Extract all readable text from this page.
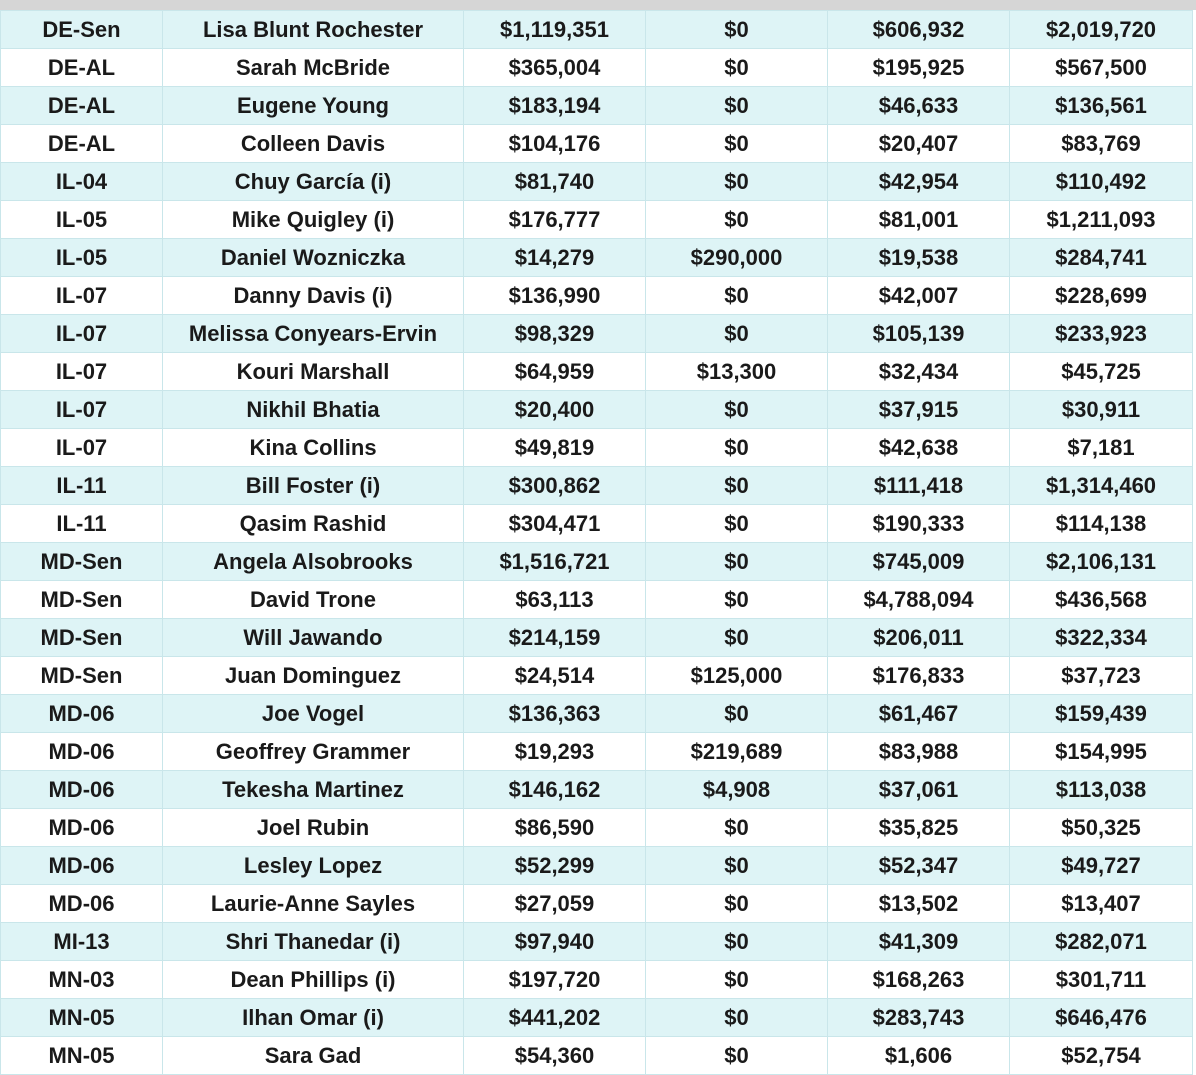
DE-Sen	Lisa Blunt Rochester	$1,119,351	$0	$606,932	$2,019,720
DE-AL	Sarah McBride	$365,004	$0	$195,925	$567,500
DE-AL	Eugene Young	$183,194	$0	$46,633	$136,561
DE-AL	Colleen Davis	$104,176	$0	$20,407	$83,769
IL-04	Chuy García (i)	$81,740	$0	$42,954	$110,492
IL-05	Mike Quigley (i)	$176,777	$0	$81,001	$1,211,093
IL-05	Daniel Wozniczka	$14,279	$290,000	$19,538	$284,741
IL-07	Danny Davis (i)	$136,990	$0	$42,007	$228,699
IL-07	Melissa Conyears-Ervin	$98,329	$0	$105,139	$233,923
IL-07	Kouri Marshall	$64,959	$13,300	$32,434	$45,725
IL-07	Nikhil Bhatia	$20,400	$0	$37,915	$30,911
IL-07	Kina Collins	$49,819	$0	$42,638	$7,181
IL-11	Bill Foster (i)	$300,862	$0	$111,418	$1,314,460
IL-11	Qasim Rashid	$304,471	$0	$190,333	$114,138
MD-Sen	Angela Alsobrooks	$1,516,721	$0	$745,009	$2,106,131
MD-Sen	David Trone	$63,113	$0	$4,788,094	$436,568
MD-Sen	Will Jawando	$214,159	$0	$206,011	$322,334
MD-Sen	Juan Dominguez	$24,514	$125,000	$176,833	$37,723
MD-06	Joe Vogel	$136,363	$0	$61,467	$159,439
MD-06	Geoffrey Grammer	$19,293	$219,689	$83,988	$154,995
MD-06	Tekesha Martinez	$146,162	$4,908	$37,061	$113,038
MD-06	Joel Rubin	$86,590	$0	$35,825	$50,325
MD-06	Lesley Lopez	$52,299	$0	$52,347	$49,727
MD-06	Laurie-Anne Sayles	$27,059	$0	$13,502	$13,407
MI-13	Shri Thanedar (i)	$97,940	$0	$41,309	$282,071
MN-03	Dean Phillips (i)	$197,720	$0	$168,263	$301,711
MN-05	Ilhan Omar (i)	$441,202	$0	$283,743	$646,476
MN-05	Sara Gad	$54,360	$0	$1,606	$52,754
